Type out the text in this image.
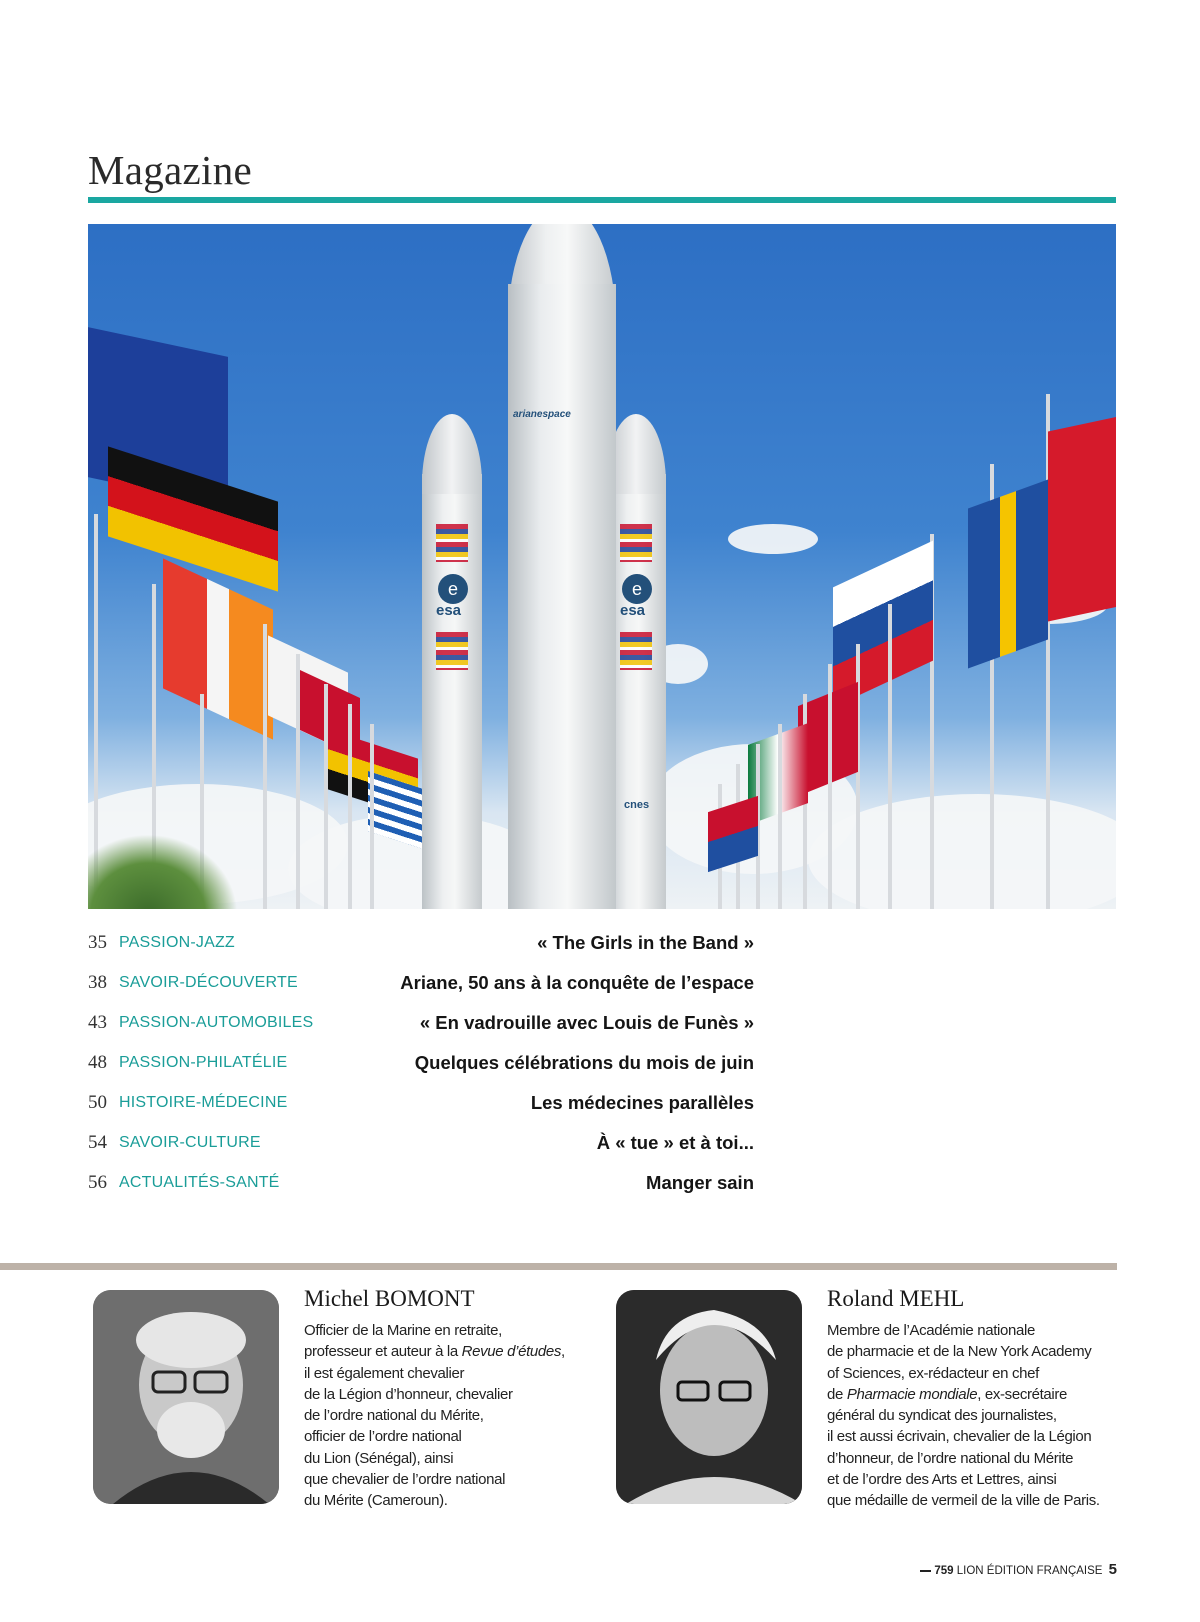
Magazine
arianespace
e
esa
e
esa
cnes
35 PASSION-JAZZ	« The Girls in the Band »
38 SAVOIR-DÉCOUVERTE	Ariane, 50 ans à la conquête de l’espace
43 PASSION-AUTOMOBILES	« En vadrouille avec Louis de Funès »
48 PASSION-PHILATÉLIE	Quelques célébrations du mois de juin
50 HISTOIRE-MÉDECINE	Les médecines parallèles
54 SAVOIR-CULTURE	À « tue » et à toi...
56 ACTUALITÉS-SANTÉ	Manger sain
Michel BOMONT

Officier de la Marine en retraite,
professeur et auteur à la Revue d’études,
il est également chevalier
de la Légion d’honneur, chevalier
de l’ordre national du Mérite,
officier de l’ordre national
du Lion (Sénégal), ainsi
que chevalier de l’ordre national
du Mérite (Cameroun).

Roland MEHL

Membre de l’Académie nationale
de pharmacie et de la New York Academy
of Sciences, ex-rédacteur en chef
de Pharmacie mondiale, ex-secrétaire
général du syndicat des journalistes,
il est aussi écrivain, chevalier de la Légion
d’honneur, de l’ordre national du Mérite
et de l’ordre des Arts et Lettres, ainsi
que médaille de vermeil de la ville de Paris.

759 LION ÉDITION FRANÇAISE 5
